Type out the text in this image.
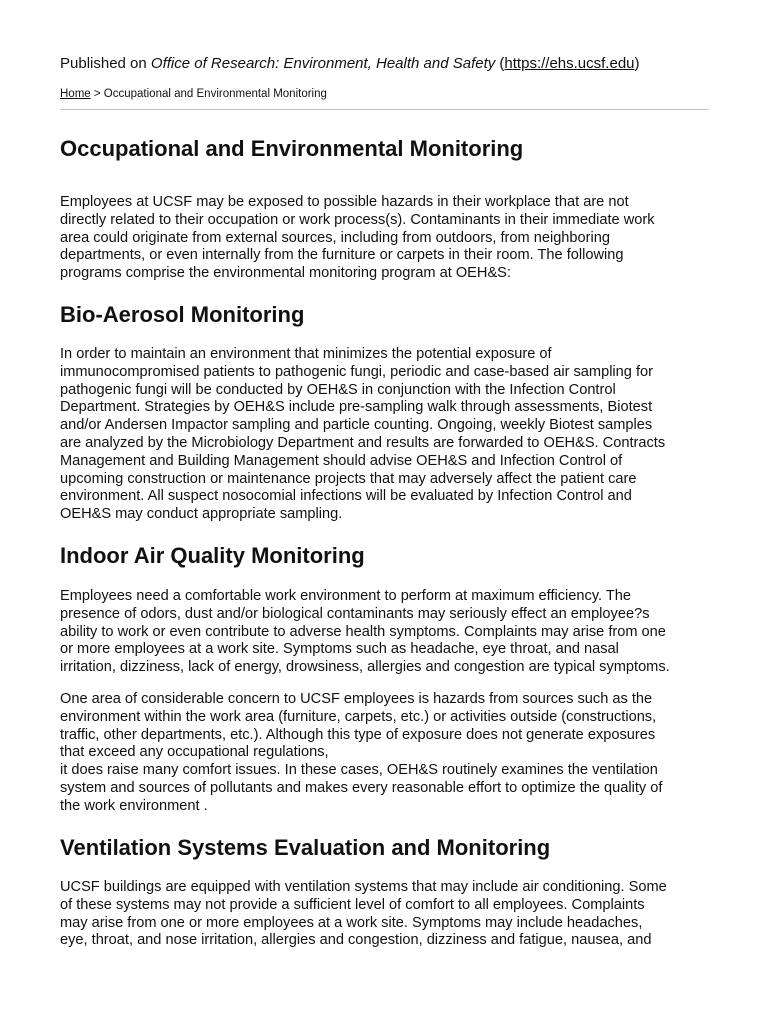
Published on Office of Research: Environment, Health and Safety (https://ehs.ucsf.edu)
Home > Occupational and Environmental Monitoring
Occupational and Environmental Monitoring
Employees at UCSF may be exposed to possible hazards in their workplace that are not
directly related to their occupation or work process(s). Contaminants in their immediate work
area could originate from external sources, including from outdoors, from neighboring
departments, or even internally from the furniture or carpets in their room. The following
programs comprise the environmental monitoring program at OEH&S:
Bio-Aerosol Monitoring
In order to maintain an environment that minimizes the potential exposure of
immunocompromised patients to pathogenic fungi, periodic and case-based air sampling for
pathogenic fungi will be conducted by OEH&S in conjunction with the Infection Control
Department. Strategies by OEH&S include pre-sampling walk through assessments, Biotest
and/or Andersen Impactor sampling and particle counting. Ongoing, weekly Biotest samples
are analyzed by the Microbiology Department and results are forwarded to OEH&S. Contracts
Management and Building Management should advise OEH&S and Infection Control of
upcoming construction or maintenance projects that may adversely affect the patient care
environment. All suspect nosocomial infections will be evaluated by Infection Control and
OEH&S may conduct appropriate sampling.
Indoor Air Quality Monitoring
Employees need a comfortable work environment to perform at maximum efficiency. The
presence of odors, dust and/or biological contaminants may seriously effect an employee?s
ability to work or even contribute to adverse health symptoms. Complaints may arise from one
or more employees at a work site. Symptoms such as headache, eye throat, and nasal
irritation, dizziness, lack of energy, drowsiness, allergies and congestion are typical symptoms.
One area of considerable concern to UCSF employees is hazards from sources such as the
environment within the work area (furniture, carpets, etc.) or activities outside (constructions,
traffic, other departments, etc.). Although this type of exposure does not generate exposures
that exceed any occupational regulations,
it does raise many comfort issues. In these cases, OEH&S routinely examines the ventilation
system and sources of pollutants and makes every reasonable effort to optimize the quality of
the work environment .
Ventilation Systems Evaluation and Monitoring
UCSF buildings are equipped with ventilation systems that may include air conditioning. Some
of these systems may not provide a sufficient level of comfort to all employees. Complaints
may arise from one or more employees at a work site. Symptoms may include headaches,
eye, throat, and nose irritation, allergies and congestion, dizziness and fatigue, nausea, and
